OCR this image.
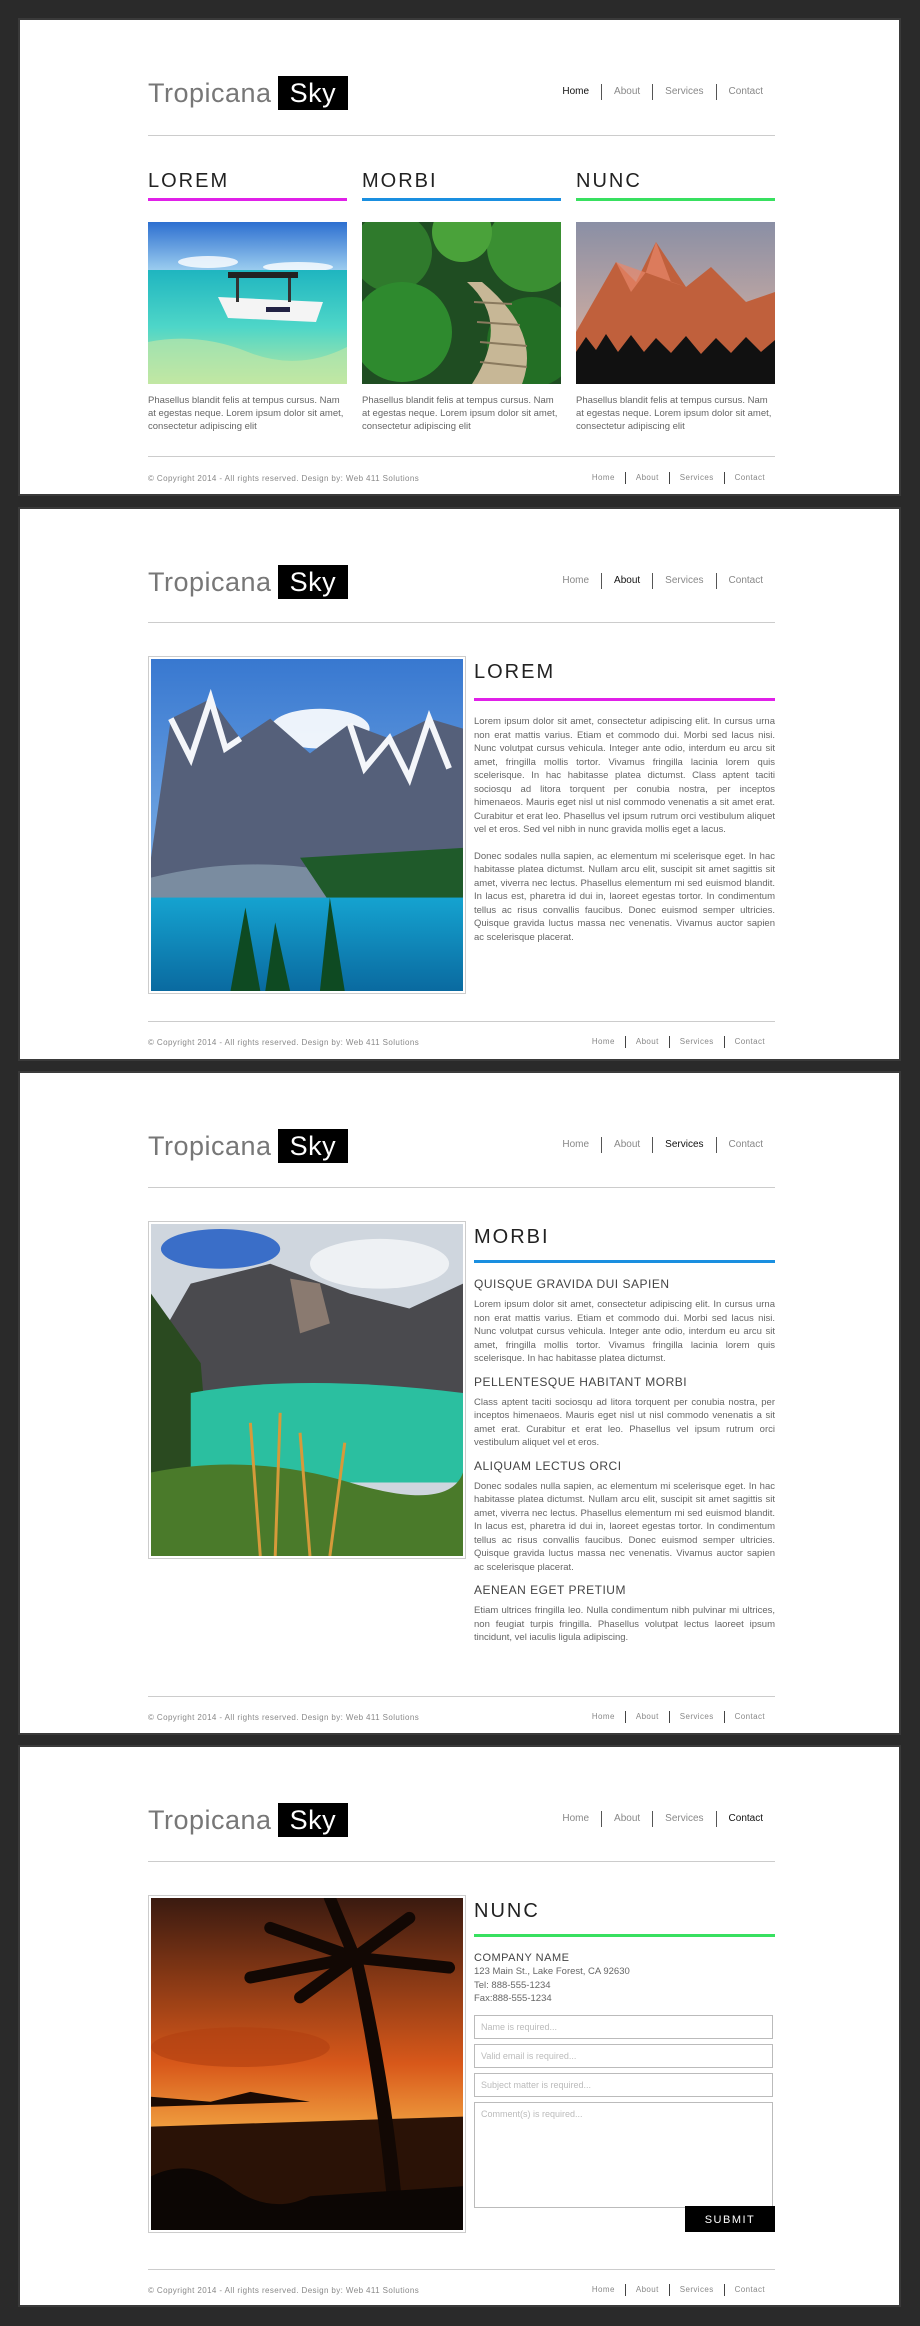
Tropicana Sky	Home	About	Services	Contact
LOREM
Phasellus blandit felis at tempus cursus. Nam at egestas neque. Lorem ipsum dolor sit amet, consectetur adipiscing elit
MORBI
Phasellus blandit felis at tempus cursus. Nam at egestas neque. Lorem ipsum dolor sit amet, consectetur adipiscing elit
NUNC
Phasellus blandit felis at tempus cursus. Nam at egestas neque. Lorem ipsum dolor sit amet, consectetur adipiscing elit
© Copyright 2014 - All rights reserved. Design by: Web 411 Solutions	Home	About	Services	Contact
Tropicana Sky	Home	About	Services	Contact
LOREM

Lorem ipsum dolor sit amet, consectetur adipiscing elit. In cursus urna non erat mattis varius. Etiam et commodo dui. Morbi sed lacus nisi. Nunc volutpat cursus vehicula. Integer ante odio, interdum eu arcu sit amet, fringilla mollis tortor. Vivamus fringilla lacinia lorem quis scelerisque. In hac habitasse platea dictumst. Class aptent taciti sociosqu ad litora torquent per conubia nostra, per inceptos himenaeos. Mauris eget nisl ut nisl commodo venenatis a sit amet erat. Curabitur et erat leo. Phasellus vel ipsum rutrum orci vestibulum aliquet vel et eros. Sed vel nibh in nunc gravida mollis eget a lacus.

Donec sodales nulla sapien, ac elementum mi scelerisque eget. In hac habitasse platea dictumst. Nullam arcu elit, suscipit sit amet sagittis sit amet, viverra nec lectus. Phasellus elementum mi sed euismod blandit. In lacus est, pharetra id dui in, laoreet egestas tortor. In condimentum tellus ac risus convallis faucibus. Donec euismod semper ultricies. Quisque gravida luctus massa nec venenatis. Vivamus auctor sapien ac scelerisque placerat.

© Copyright 2014 - All rights reserved. Design by: Web 411 Solutions	Home	About	Services	Contact
Tropicana Sky	Home	About	Services	Contact
MORBI

QUISQUE GRAVIDA DUI SAPIEN

Lorem ipsum dolor sit amet, consectetur adipiscing elit. In cursus urna non erat mattis varius. Etiam et commodo dui. Morbi sed lacus nisi. Nunc volutpat cursus vehicula. Integer ante odio, interdum eu arcu sit amet, fringilla mollis tortor. Vivamus fringilla lacinia lorem quis scelerisque. In hac habitasse platea dictumst.

PELLENTESQUE HABITANT MORBI

Class aptent taciti sociosqu ad litora torquent per conubia nostra, per inceptos himenaeos. Mauris eget nisl ut nisl commodo venenatis a sit amet erat. Curabitur et erat leo. Phasellus vel ipsum rutrum orci vestibulum aliquet vel et eros.

ALIQUAM LECTUS ORCI

Donec sodales nulla sapien, ac elementum mi scelerisque eget. In hac habitasse platea dictumst. Nullam arcu elit, suscipit sit amet sagittis sit amet, viverra nec lectus. Phasellus elementum mi sed euismod blandit. In lacus est, pharetra id dui in, laoreet egestas tortor. In condimentum tellus ac risus convallis faucibus. Donec euismod semper ultricies. Quisque gravida luctus massa nec venenatis. Vivamus auctor sapien ac scelerisque placerat.

AENEAN EGET PRETIUM

Etiam ultrices fringilla leo. Nulla condimentum nibh pulvinar mi ultrices, non feugiat turpis fringilla. Phasellus volutpat lectus laoreet ipsum tincidunt, vel iaculis ligula adipiscing.

© Copyright 2014 - All rights reserved. Design by: Web 411 Solutions	Home	About	Services	Contact
Tropicana Sky	Home	About	Services	Contact
NUNC

COMPANY NAME

123 Main St., Lake Forest, CA 92630

Tel: 888-555-1234

Fax:888-555-1234

Name is required...
Valid email is required...
Subject matter is required...
Comment(s) is required...
SUBMIT
© Copyright 2014 - All rights reserved. Design by: Web 411 Solutions	Home	About	Services	Contact
